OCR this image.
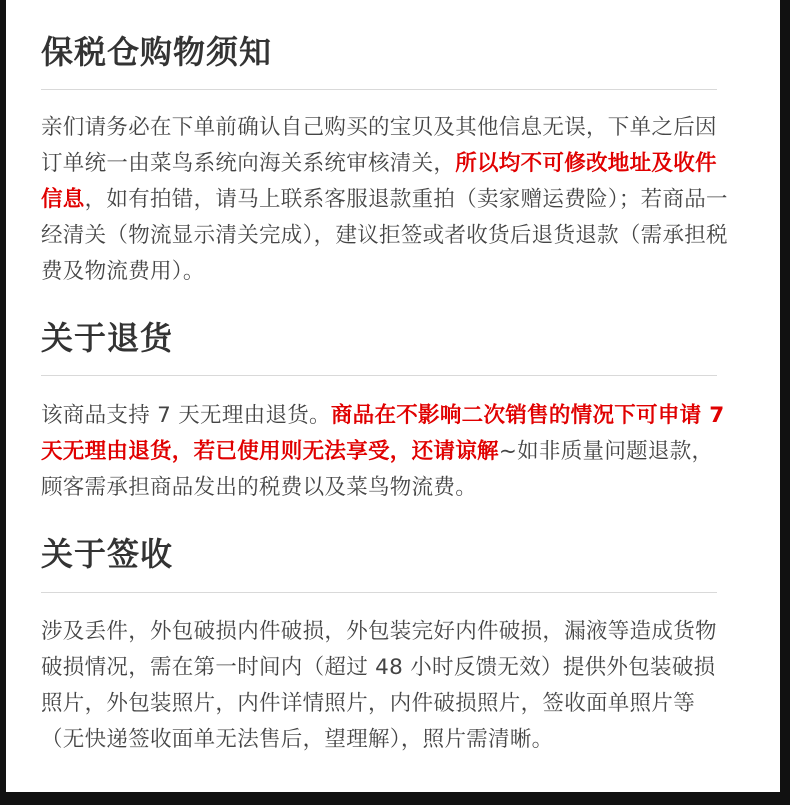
保税仓购物须知

亲们请务必在下单前确认自己购买的宝贝及其他信息无误，下单之后因订单统一由菜鸟系统向海关系统审核清关，所以均不可修改地址及收件信息，如有拍错，请马上联系客服退款重拍（卖家赠运费险）；若商品一经清关（物流显示清关完成），建议拒签或者收货后退货退款（需承担税费及物流费用）。

关于退货

该商品支持 7 天无理由退货。商品在不影响二次销售的情况下可申请 7 天无理由退货，若已使用则无法享受，还请谅解~如非质量问题退款，顾客需承担商品发出的税费以及菜鸟物流费。

关于签收

涉及丢件，外包破损内件破损，外包装完好内件破损，漏液等造成货物破损情况，需在第一时间内（超过 48 小时反馈无效）提供外包装破损照片，外包装照片，内件详情照片，内件破损照片，签收面单照片等（无快递签收面单无法售后，望理解），照片需清晰。
